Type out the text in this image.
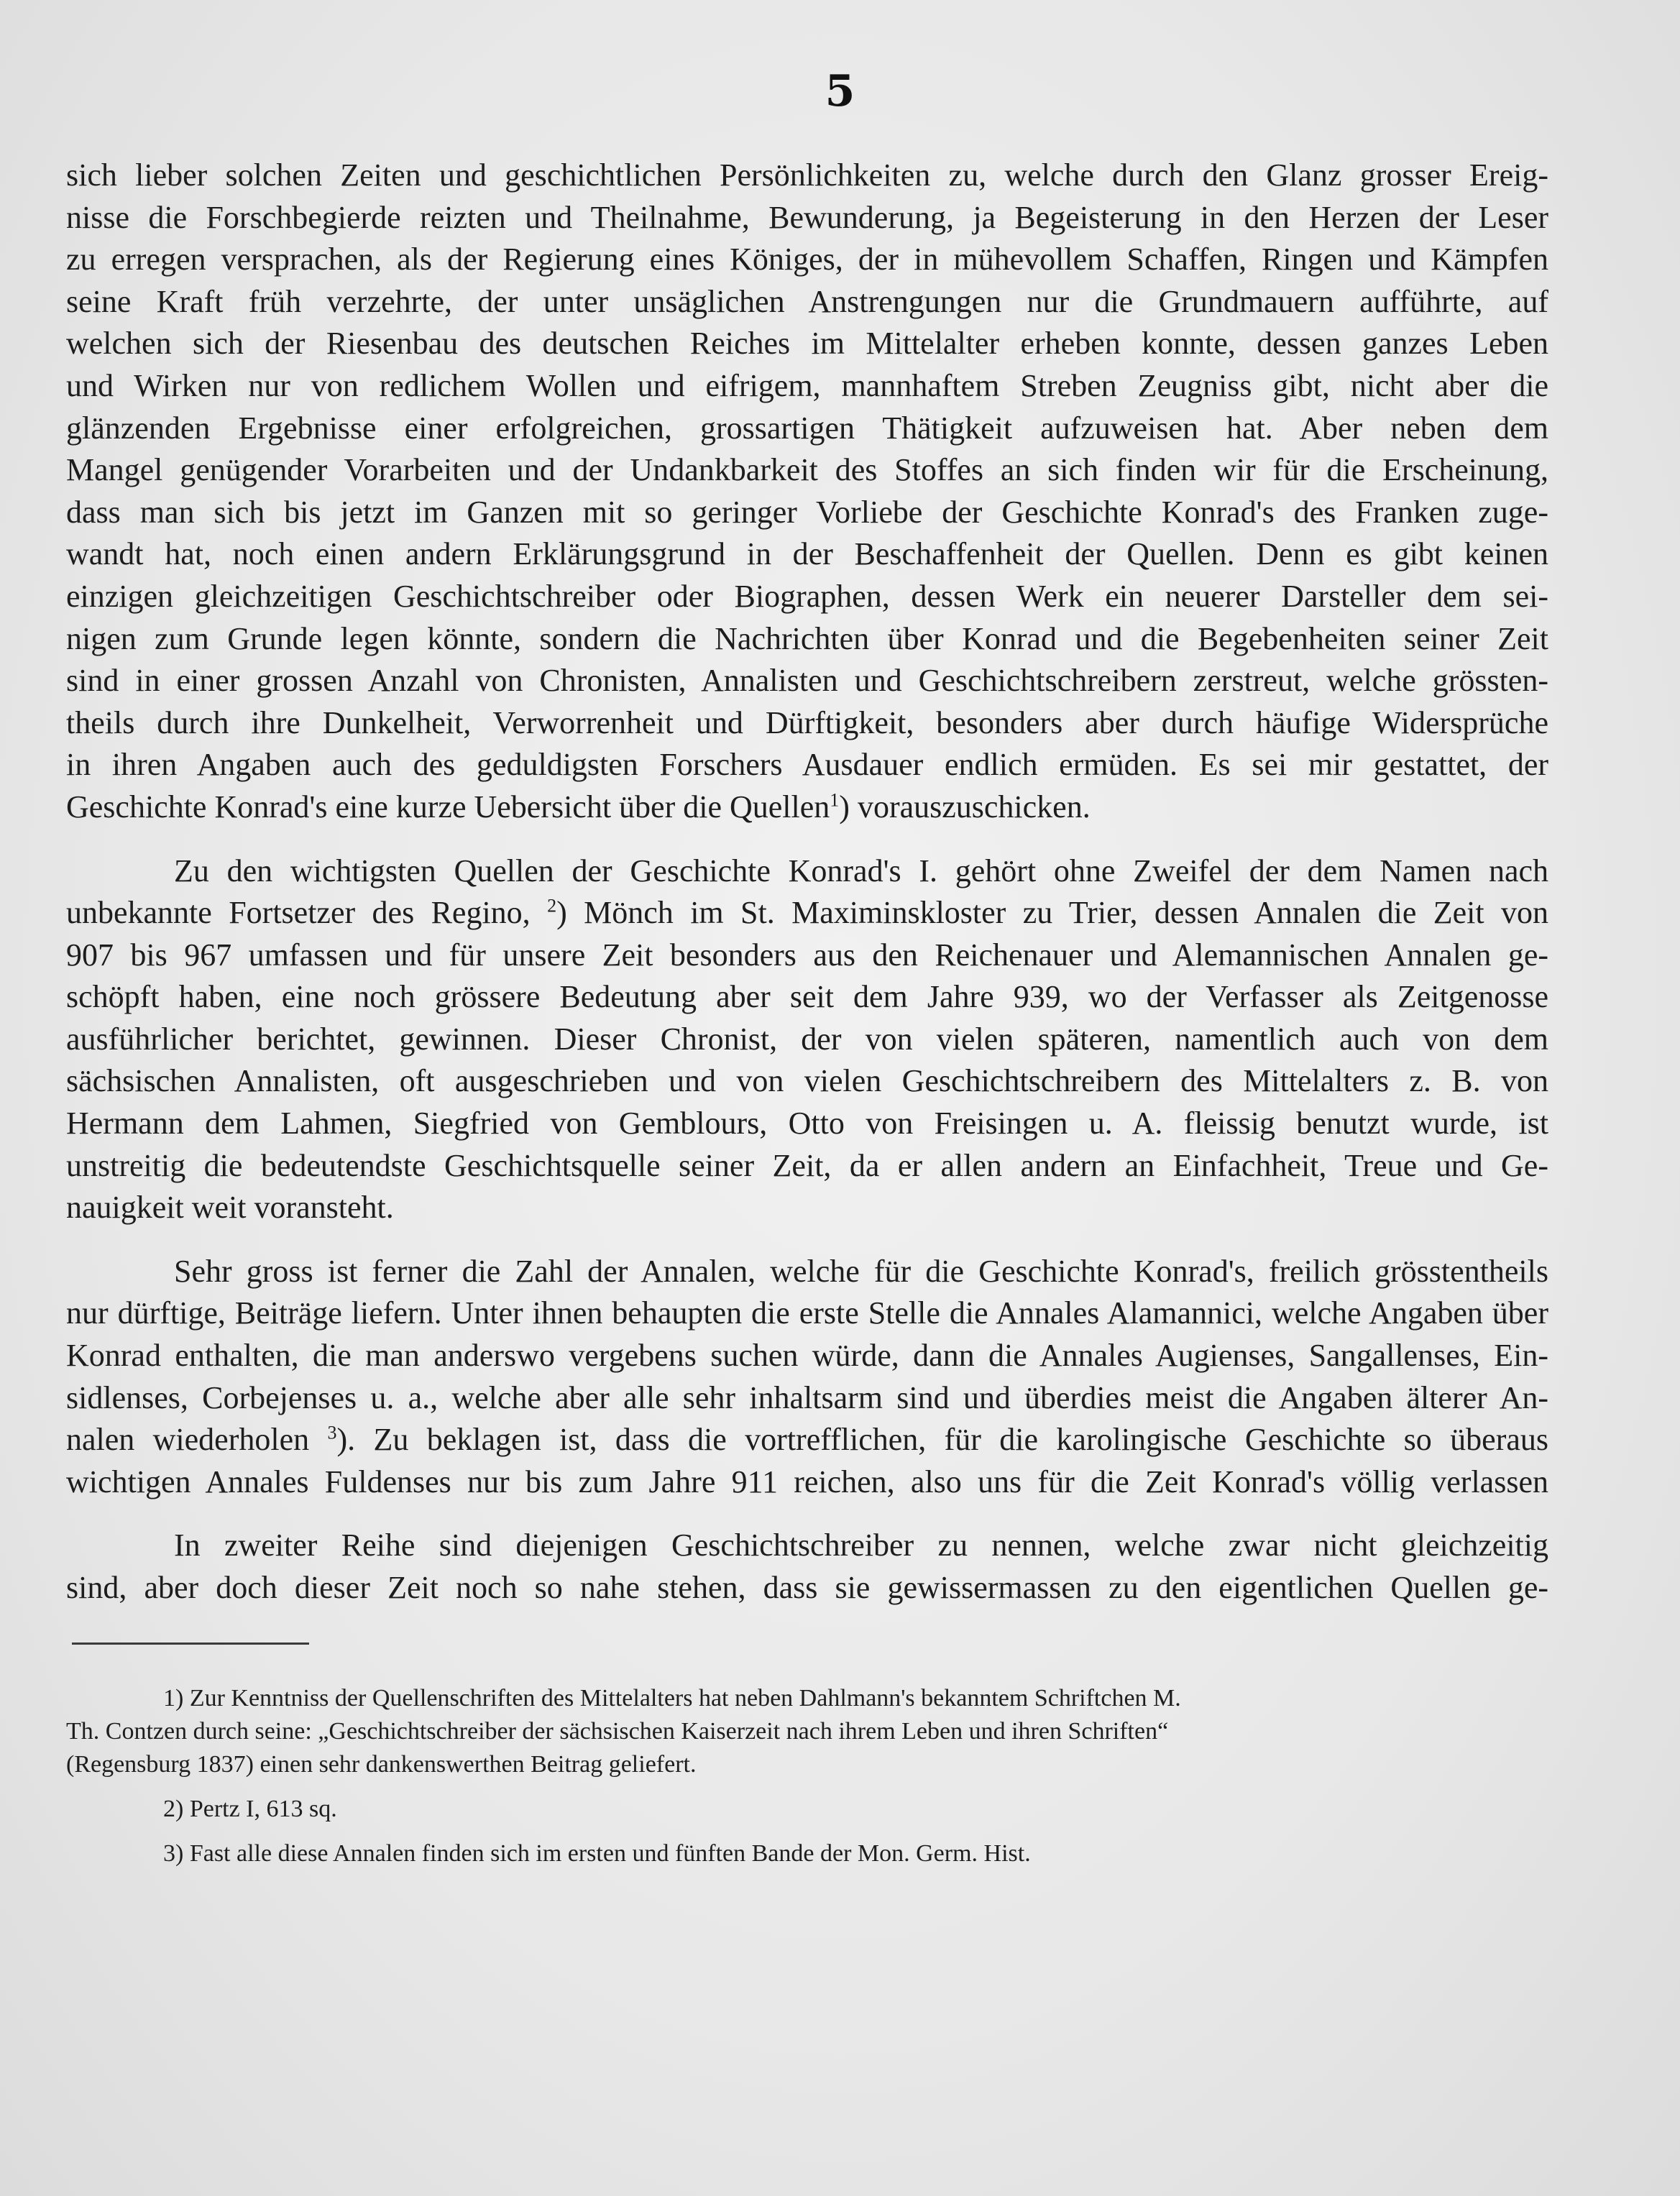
5
sich lieber solchen Zeiten und geschichtlichen Persönlichkeiten zu, welche durch den Glanz grosser Ereig-
nisse die Forschbegierde reizten und Theilnahme, Bewunderung, ja Begeisterung in den Herzen der Leser
zu erregen versprachen, als der Regierung eines Königes, der in mühevollem Schaffen, Ringen und Kämpfen
seine Kraft früh verzehrte, der unter unsäglichen Anstrengungen nur die Grundmauern aufführte, auf
welchen sich der Riesenbau des deutschen Reiches im Mittelalter erheben konnte, dessen ganzes Leben
und Wirken nur von redlichem Wollen und eifrigem, mannhaftem Streben Zeugniss gibt, nicht aber die
glänzenden Ergebnisse einer erfolgreichen, grossartigen Thätigkeit aufzuweisen hat. Aber neben dem
Mangel genügender Vorarbeiten und der Undankbarkeit des Stoffes an sich finden wir für die Erscheinung,
dass man sich bis jetzt im Ganzen mit so geringer Vorliebe der Geschichte Konrad's des Franken zuge-
wandt hat, noch einen andern Erklärungsgrund in der Beschaffenheit der Quellen. Denn es gibt keinen
einzigen gleichzeitigen Geschichtschreiber oder Biographen, dessen Werk ein neuerer Darsteller dem sei-
nigen zum Grunde legen könnte, sondern die Nachrichten über Konrad und die Begebenheiten seiner Zeit
sind in einer grossen Anzahl von Chronisten, Annalisten und Geschichtschreibern zerstreut, welche grössten-
theils durch ihre Dunkelheit, Verworrenheit und Dürftigkeit, besonders aber durch häufige Widersprüche
in ihren Angaben auch des geduldigsten Forschers Ausdauer endlich ermüden. Es sei mir gestattet, der
Geschichte Konrad's eine kurze Uebersicht über die Quellen$^1$) vorauszuschicken.
Zu den wichtigsten Quellen der Geschichte Konrad's I. gehört ohne Zweifel der dem Namen nach
unbekannte Fortsetzer des Regino, $^2$) Mönch im St. Maximinskloster zu Trier, dessen Annalen die Zeit von
907 bis 967 umfassen und für unsere Zeit besonders aus den Reichenauer und Alemannischen Annalen ge-
schöpft haben, eine noch grössere Bedeutung aber seit dem Jahre 939, wo der Verfasser als Zeitgenosse
ausführlicher berichtet, gewinnen. Dieser Chronist, der von vielen späteren, namentlich auch von dem
sächsischen Annalisten, oft ausgeschrieben und von vielen Geschichtschreibern des Mittelalters z. B. von
Hermann dem Lahmen, Siegfried von Gemblours, Otto von Freisingen u. A. fleissig benutzt wurde, ist
unstreitig die bedeutendste Geschichtsquelle seiner Zeit, da er allen andern an Einfachheit, Treue und Ge-
nauigkeit weit voransteht.
Sehr gross ist ferner die Zahl der Annalen, welche für die Geschichte Konrad's, freilich grösstentheils
nur dürftige, Beiträge liefern. Unter ihnen behaupten die erste Stelle die Annales Alamannici, welche Angaben über
Konrad enthalten, die man anderswo vergebens suchen würde, dann die Annales Augienses, Sangallenses, Ein-
sidlenses, Corbejenses u. a., welche aber alle sehr inhaltsarm sind und überdies meist die Angaben älterer An-
nalen wiederholen $^3$). Zu beklagen ist, dass die vortrefflichen, für die karolingische Geschichte so überaus
wichtigen Annales Fuldenses nur bis zum Jahre 911 reichen, also uns für die Zeit Konrad's völlig verlassen
In zweiter Reihe sind diejenigen Geschichtschreiber zu nennen, welche zwar nicht gleichzeitig
sind, aber doch dieser Zeit noch so nahe stehen, dass sie gewissermassen zu den eigentlichen Quellen ge-
1) Zur Kenntniss der Quellenschriften des Mittelalters hat neben Dahlmann's bekanntem Schriftchen M.
Th. Contzen durch seine: „Geschichtschreiber der sächsischen Kaiserzeit nach ihrem Leben und ihren Schriften“
(Regensburg 1837) einen sehr dankenswerthen Beitrag geliefert.
2) Pertz I, 613 sq.
3) Fast alle diese Annalen finden sich im ersten und fünften Bande der Mon. Germ. Hist.
